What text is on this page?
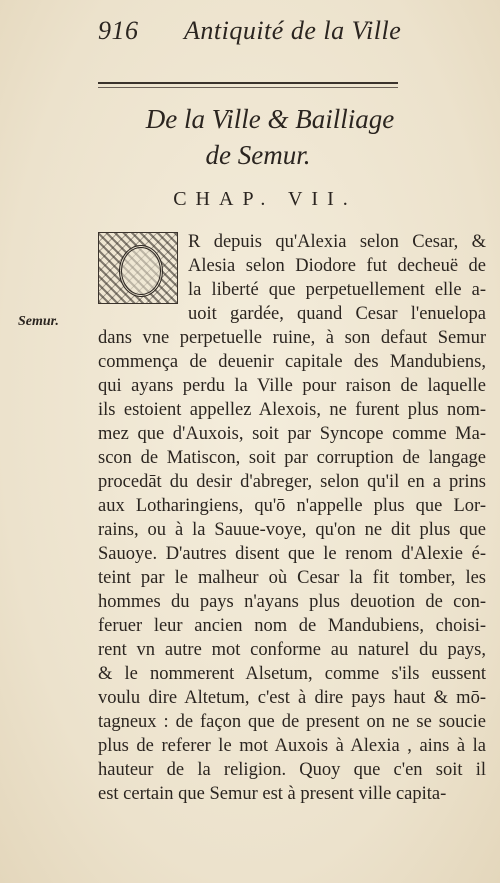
916 Antiquité de la Ville
De la Ville & Bailliage
de Semur.
CHAP. VII.
Semur.
R depuis qu'Alexia selon Cesar, &
Alesia selon Diodore fut decheuë de
la liberté que perpetuellement elle a-
uoit gardée, quand Cesar l'enuelopa
dans vne perpetuelle ruine, à son defaut Semur
commença de deuenir capitale des Mandubiens,
qui ayans perdu la Ville pour raison de laquelle
ils estoient appellez Alexois, ne furent plus nom-
mez que d'Auxois, soit par Syncope comme Ma-
scon de Matiscon, soit par corruption de langage
procedāt du desir d'abreger, selon qu'il en a prins
aux Lotharingiens, qu'ō n'appelle plus que Lor-
rains, ou à la Sauue-voye, qu'on ne dit plus que
Sauoye. D'autres disent que le renom d'Alexie é-
teint par le malheur où Cesar la fit tomber, les
hommes du pays n'ayans plus deuotion de con-
feruer leur ancien nom de Mandubiens, choisi-
rent vn autre mot conforme au naturel du pays,
& le nommerent Alsetum, comme s'ils eussent
voulu dire Altetum, c'est à dire pays haut & mō-
tagneux : de façon que de present on ne se soucie
plus de referer le mot Auxois à Alexia , ains à la
hauteur de la religion. Quoy que c'en soit il
est certain que Semur est à present ville capita-
